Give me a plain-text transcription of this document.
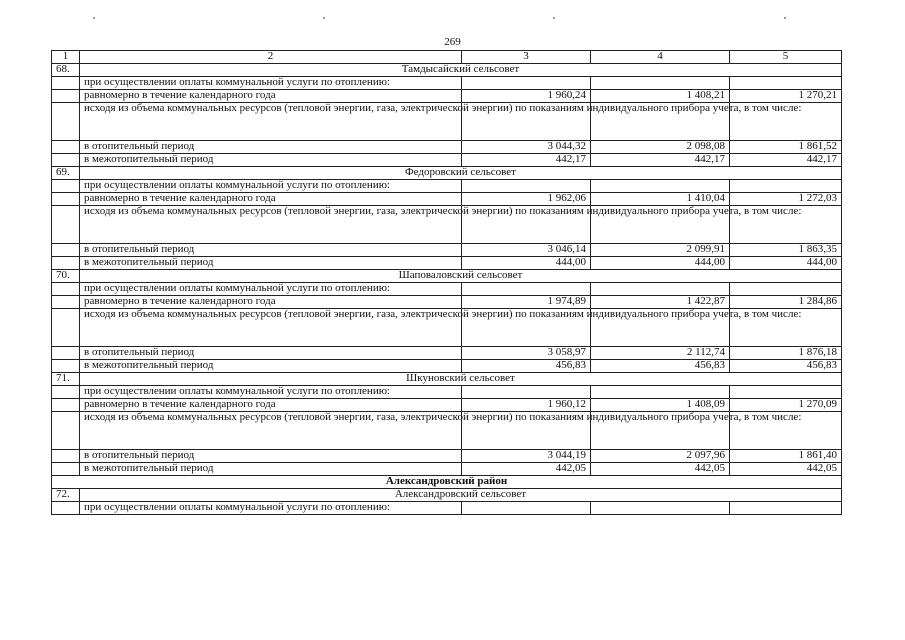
269
1	2	3	4	5
68.	Тамдысайский сельсовет			
	при осуществлении оплаты коммунальной услуги по отоплению:			
	равномерно в течение календарного года	1 960,24	1 408,21	1 270,21
	исходя из объема коммунальных ресурсов (тепловой энергии, газа, электрической энергии) по показаниям индивидуального прибора учета, в том числе:			
	в отопительный период	3 044,32	2 098,08	1 861,52
	в межотопительный период	442,17	442,17	442,17
69.	Федоровский сельсовет			
	при осуществлении оплаты коммунальной услуги по отоплению:			
	равномерно в течение календарного года	1 962,06	1 410,04	1 272,03
	исходя из объема коммунальных ресурсов (тепловой энергии, газа, электрической энергии) по показаниям индивидуального прибора учета, в том числе:			
	в отопительный период	3 046,14	2 099,91	1 863,35
	в межотопительный период	444,00	444,00	444,00
70.	Шаповаловский сельсовет			
	при осуществлении оплаты коммунальной услуги по отоплению:			
	равномерно в течение календарного года	1 974,89	1 422,87	1 284,86
	исходя из объема коммунальных ресурсов (тепловой энергии, газа, электрической энергии) по показаниям индивидуального прибора учета, в том числе:			
	в отопительный период	3 058,97	2 112,74	1 876,18
	в межотопительный период	456,83	456,83	456,83
71.	Шкуновский сельсовет			
	при осуществлении оплаты коммунальной услуги по отоплению:			
	равномерно в течение календарного года	1 960,12	1 408,09	1 270,09
	исходя из объема коммунальных ресурсов (тепловой энергии, газа, электрической энергии) по показаниям индивидуального прибора учета, в том числе:			
	в отопительный период	3 044,19	2 097,96	1 861,40
	в межотопительный период	442,05	442,05	442,05
Александровский район				
72.	Александровский сельсовет			
	при осуществлении оплаты коммунальной услуги по отоплению:			
